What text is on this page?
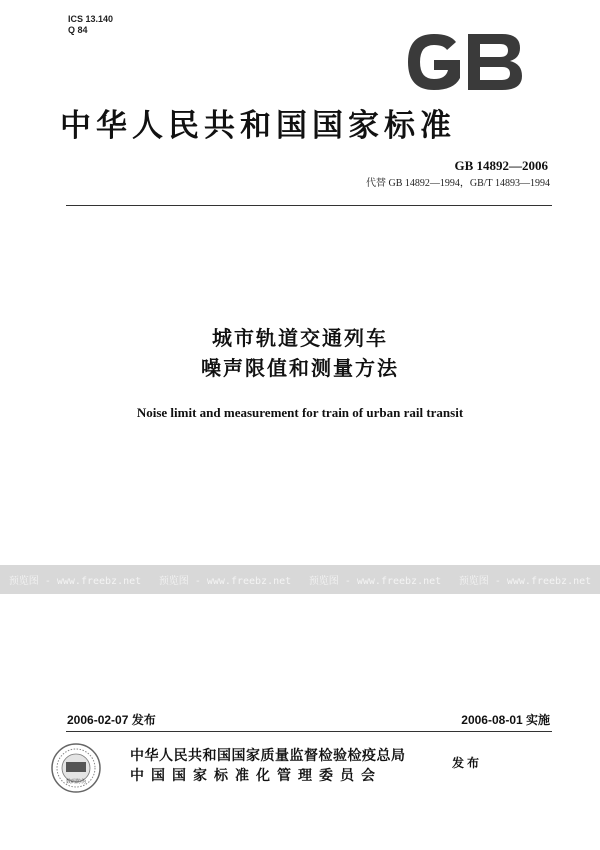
ICS 13.140
Q 84
中华人民共和国国家标准
GB 14892—2006
代替 GB 14892—1994，GB/T 14893—1994
城市轨道交通列车
噪声限值和测量方法
Noise limit and measurement for train of urban rail transit
预览图 - www.freebz.net 预览图 - www.freebz.net 预览图 - www.freebz.net 预览图 - www.freebz.net
2006-02-07 发布	2006-08-01 实施
数码防伪
中华人民共和国国家质量监督检验检疫总局
中国国家标准化管理委员会
发布
